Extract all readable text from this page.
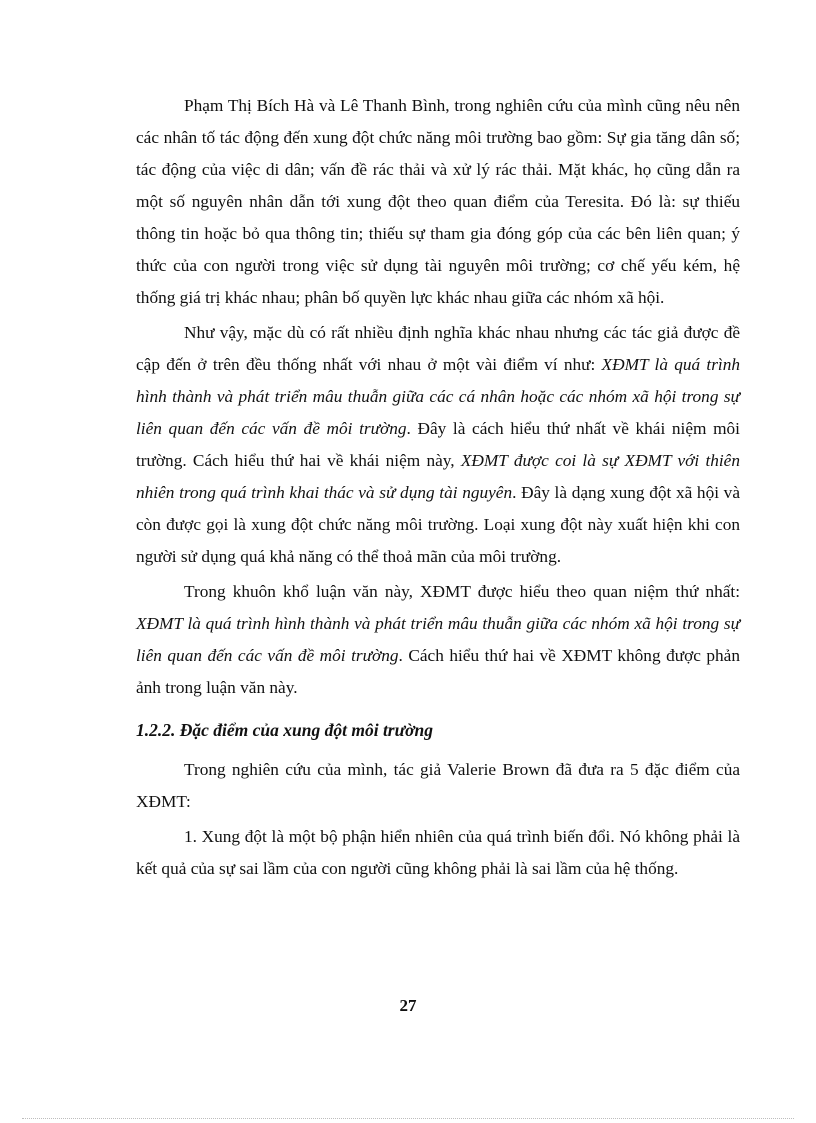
Phạm Thị Bích Hà và Lê Thanh Bình, trong nghiên cứu của mình cũng nêu nên các nhân tố tác động đến xung đột chức năng môi trường bao gồm: Sự gia tăng dân số; tác động của việc di dân; vấn đề rác thải và xử lý rác thải. Mặt khác, họ cũng dẫn ra một số nguyên nhân dẫn tới xung đột theo quan điểm của Teresita. Đó là: sự thiếu thông tin hoặc bỏ qua thông tin; thiếu sự tham gia đóng góp của các bên liên quan; ý thức của con người trong việc sử dụng tài nguyên môi trường; cơ chế yếu kém, hệ thống giá trị khác nhau; phân bố quyền lực khác nhau giữa các nhóm xã hội.

Như vậy, mặc dù có rất nhiều định nghĩa khác nhau nhưng các tác giả được đề cập đến ở trên đều thống nhất với nhau ở một vài điểm ví như: XĐMT là quá trình hình thành và phát triển mâu thuẫn giữa các cá nhân hoặc các nhóm xã hội trong sự liên quan đến các vấn đề môi trường. Đây là cách hiểu thứ nhất về khái niệm môi trường. Cách hiểu thứ hai về khái niệm này, XĐMT được coi là sự XĐMT với thiên nhiên trong quá trình khai thác và sử dụng tài nguyên. Đây là dạng xung đột xã hội và còn được gọi là xung đột chức năng môi trường. Loại xung đột này xuất hiện khi con người sử dụng quá khả năng có thể thoả mãn của môi trường.

Trong khuôn khổ luận văn này, XĐMT được hiểu theo quan niệm thứ nhất: XĐMT là quá trình hình thành và phát triển mâu thuẫn giữa các nhóm xã hội trong sự liên quan đến các vấn đề môi trường. Cách hiểu thứ hai về XĐMT không được phản ảnh trong luận văn này.

1.2.2. Đặc điểm của xung đột môi trường

Trong nghiên cứu của mình, tác giả Valerie Brown đã đưa ra 5 đặc điểm của XĐMT:

1. Xung đột là một bộ phận hiển nhiên của quá trình biến đổi. Nó không phải là kết quả của sự sai lầm của con người cũng không phải là sai lầm của hệ thống.

27
